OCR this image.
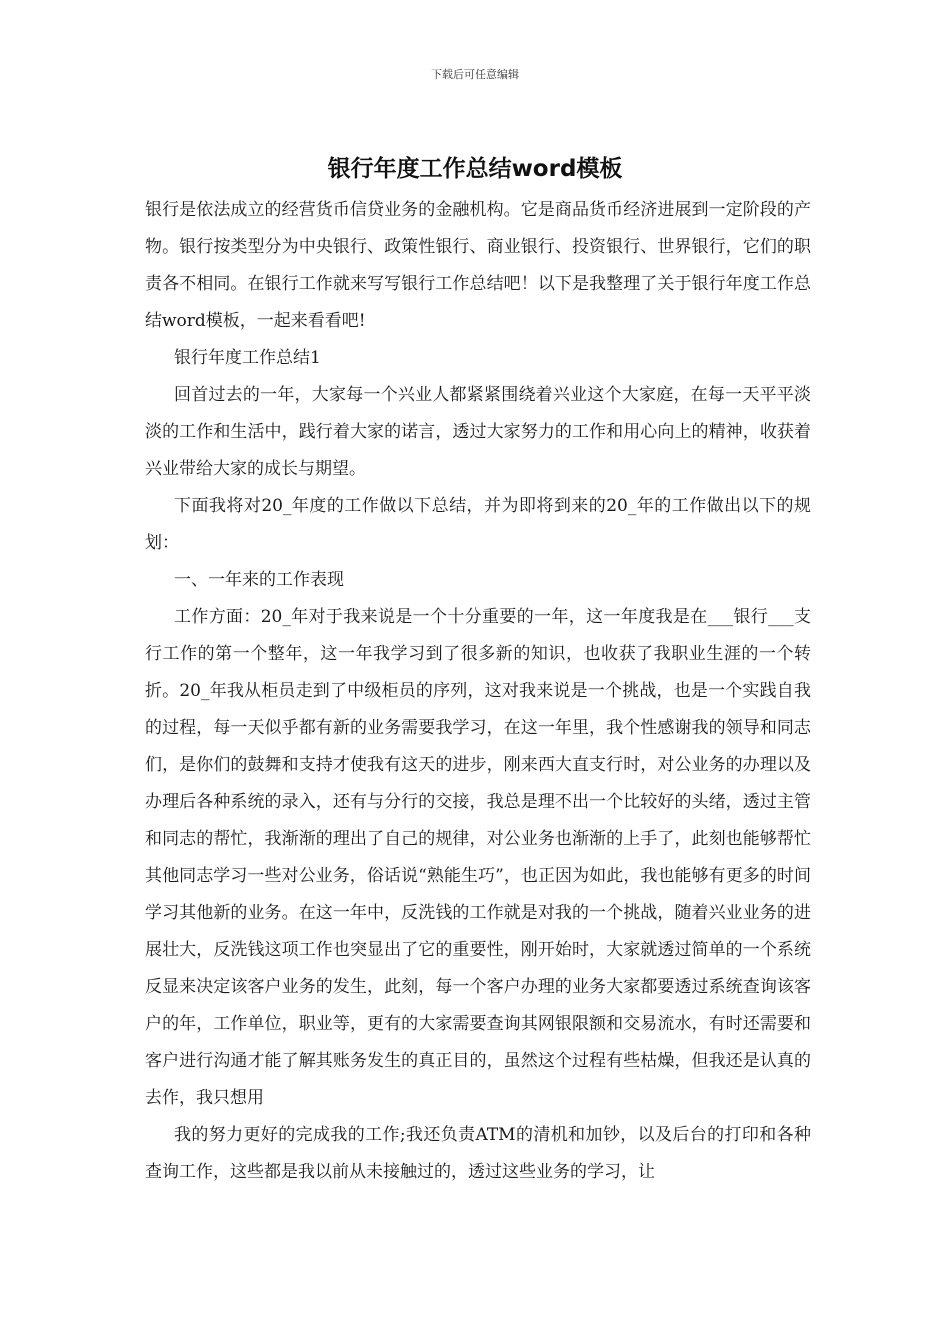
下载后可任意编辑
银行年度工作总结word模板

银行是依法成立的经营货币信贷业务的金融机构。它是商品货币经济进展到一定阶段的产物。银行按类型分为中央银行、政策性银行、商业银行、投资银行、世界银行，它们的职责各不相同。在银行工作就来写写银行工作总结吧！以下是我整理了关于银行年度工作总结word模板，一起来看看吧!

银行年度工作总结1

回首过去的一年，大家每一个兴业人都紧紧围绕着兴业这个大家庭，在每一天平平淡淡的工作和生活中，践行着大家的诺言，透过大家努力的工作和用心向上的精神，收获着兴业带给大家的成长与期望。

下面我将对20_年度的工作做以下总结，并为即将到来的20_年的工作做出以下的规划：

一、一年来的工作表现

工作方面：20_年对于我来说是一个十分重要的一年，这一年度我是在___银行___支行工作的第一个整年，这一年我学习到了很多新的知识，也收获了我职业生涯的一个转折。20_年我从柜员走到了中级柜员的序列，这对我来说是一个挑战，也是一个实践自我的过程，每一天似乎都有新的业务需要我学习，在这一年里，我个性感谢我的领导和同志们，是你们的鼓舞和支持才使我有这天的进步，刚来西大直支行时，对公业务的办理以及办理后各种系统的录入，还有与分行的交接，我总是理不出一个比较好的头绪，透过主管和同志的帮忙，我渐渐的理出了自己的规律，对公业务也渐渐的上手了，此刻也能够帮忙其他同志学习一些对公业务，俗话说“熟能生巧”，也正因为如此，我也能够有更多的时间学习其他新的业务。在这一年中，反洗钱的工作就是对我的一个挑战，随着兴业业务的进展壮大，反洗钱这项工作也突显出了它的重要性，刚开始时，大家就透过简单的一个系统反显来决定该客户业务的发生，此刻，每一个客户办理的业务大家都要透过系统查询该客户的年，工作单位，职业等，更有的大家需要查询其网银限额和交易流水，有时还需要和客户进行沟通才能了解其账务发生的真正目的，虽然这个过程有些枯燥，但我还是认真的去作，我只想用

我的努力更好的完成我的工作;我还负责ATM的清机和加钞，以及后台的打印和各种查询工作，这些都是我以前从未接触过的，透过这些业务的学习，让
